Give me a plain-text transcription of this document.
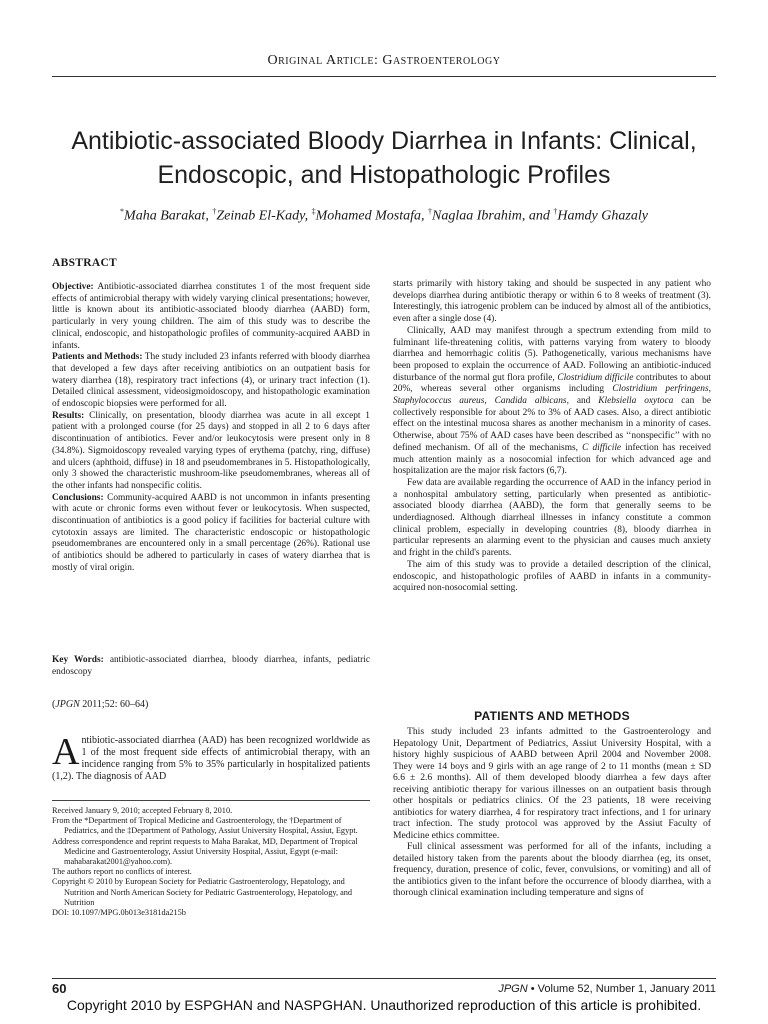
Original Article: Gastroenterology
Antibiotic-associated Bloody Diarrhea in Infants: Clinical, Endoscopic, and Histopathologic Profiles
*Maha Barakat, †Zeinab El-Kady, ‡Mohamed Mostafa, †Naglaa Ibrahim, and †Hamdy Ghazaly
ABSTRACT

Objective: Antibiotic-associated diarrhea constitutes 1 of the most frequent side effects of antimicrobial therapy with widely varying clinical presentations; however, little is known about its antibiotic-associated bloody diarrhea (AABD) form, particularly in very young children. The aim of this study was to describe the clinical, endoscopic, and histopathologic profiles of community-acquired AABD in infants.

Patients and Methods: The study included 23 infants referred with bloody diarrhea that developed a few days after receiving antibiotics on an outpatient basis for watery diarrhea (18), respiratory tract infections (4), or urinary tract infection (1). Detailed clinical assessment, videosigmoidoscopy, and histopathologic examination of endoscopic biopsies were performed for all.

Results: Clinically, on presentation, bloody diarrhea was acute in all except 1 patient with a prolonged course (for 25 days) and stopped in all 2 to 6 days after discontinuation of antibiotics. Fever and/or leukocytosis were present only in 8 (34.8%). Sigmoidoscopy revealed varying types of erythema (patchy, ring, diffuse) and ulcers (aphthoid, diffuse) in 18 and pseudomembranes in 5. Histopathologically, only 3 showed the characteristic mushroom-like pseudomembranes, whereas all of the other infants had nonspecific colitis.

Conclusions: Community-acquired AABD is not uncommon in infants presenting with acute or chronic forms even without fever or leukocytosis. When suspected, discontinuation of antibiotics is a good policy if facilities for bacterial culture with cytotoxin assays are limited. The characteristic endoscopic or histopathologic pseudomembranes are encountered only in a small percentage (26%). Rational use of antibiotics should be adhered to particularly in cases of watery diarrhea that is mostly of viral origin.

Key Words: antibiotic-associated diarrhea, bloody diarrhea, infants, pediatric endoscopy
(JPGN 2011;52: 60–64)
Antibiotic-associated diarrhea (AAD) has been recognized worldwide as 1 of the most frequent side effects of antimicrobial therapy, with an incidence ranging from 5% to 35% particularly in hospitalized patients (1,2). The diagnosis of AAD

Received January 9, 2010; accepted February 8, 2010.

From the *Department of Tropical Medicine and Gastroenterology, the †Department of Pediatrics, and the ‡Department of Pathology, Assiut University Hospital, Assiut, Egypt.

Address correspondence and reprint requests to Maha Barakat, MD, Department of Tropical Medicine and Gastroenterology, Assiut University Hospital, Assiut, Egypt (e-mail: mahabarakat2001@yahoo.com).

The authors report no conflicts of interest.

Copyright © 2010 by European Society for Pediatric Gastroenterology, Hepatology, and Nutrition and North American Society for Pediatric Gastroenterology, Hepatology, and Nutrition

DOI: 10.1097/MPG.0b013e3181da215b

starts primarily with history taking and should be suspected in any patient who develops diarrhea during antibiotic therapy or within 6 to 8 weeks of treatment (3). Interestingly, this iatrogenic problem can be induced by almost all of the antibiotics, even after a single dose (4).

Clinically, AAD may manifest through a spectrum extending from mild to fulminant life-threatening colitis, with patterns varying from watery to bloody diarrhea and hemorrhagic colitis (5). Pathogenetically, various mechanisms have been proposed to explain the occurrence of AAD. Following an antibiotic-induced disturbance of the normal gut flora profile, Clostridium difficile contributes to about 20%, whereas several other organisms including Clostridium perfringens, Staphylococcus aureus, Candida albicans, and Klebsiella oxytoca can be collectively responsible for about 2% to 3% of AAD cases. Also, a direct antibiotic effect on the intestinal mucosa shares as another mechanism in a minority of cases. Otherwise, about 75% of AAD cases have been described as ‘‘nonspecific’’ with no defined mechanism. Of all of the mechanisms, C difficile infection has received much attention mainly as a nosocomial infection for which advanced age and hospitalization are the major risk factors (6,7).

Few data are available regarding the occurrence of AAD in the infancy period in a nonhospital ambulatory setting, particularly when presented as antibiotic-associated bloody diarrhea (AABD), the form that generally seems to be underdiagnosed. Although diarrheal illnesses in infancy constitute a common clinical problem, especially in developing countries (8), bloody diarrhea in particular represents an alarming event to the physician and causes much anxiety and fright in the child's parents.

The aim of this study was to provide a detailed description of the clinical, endoscopic, and histopathologic profiles of AABD in infants in a community-acquired non-nosocomial setting.

PATIENTS AND METHODS

This study included 23 infants admitted to the Gastroenterology and Hepatology Unit, Department of Pediatrics, Assiut University Hospital, with a history highly suspicious of AABD between April 2004 and November 2008. They were 14 boys and 9 girls with an age range of 2 to 11 months (mean ± SD 6.6 ± 2.6 months). All of them developed bloody diarrhea a few days after receiving antibiotic therapy for various illnesses on an outpatient basis through other hospitals or pediatrics clinics. Of the 23 patients, 18 were receiving antibiotics for watery diarrhea, 4 for respiratory tract infections, and 1 for urinary tract infection. The study protocol was approved by the Assiut Faculty of Medicine ethics committee.

Full clinical assessment was performed for all of the infants, including a detailed history taken from the parents about the bloody diarrhea (eg, its onset, frequency, duration, presence of colic, fever, convulsions, or vomiting) and all of the antibiotics given to the infant before the occurrence of bloody diarrhea, with a thorough clinical examination including temperature and signs of

60	JPGN • Volume 52, Number 1, January 2011
Copyright 2010 by ESPGHAN and NASPGHAN. Unauthorized reproduction of this article is prohibited.
